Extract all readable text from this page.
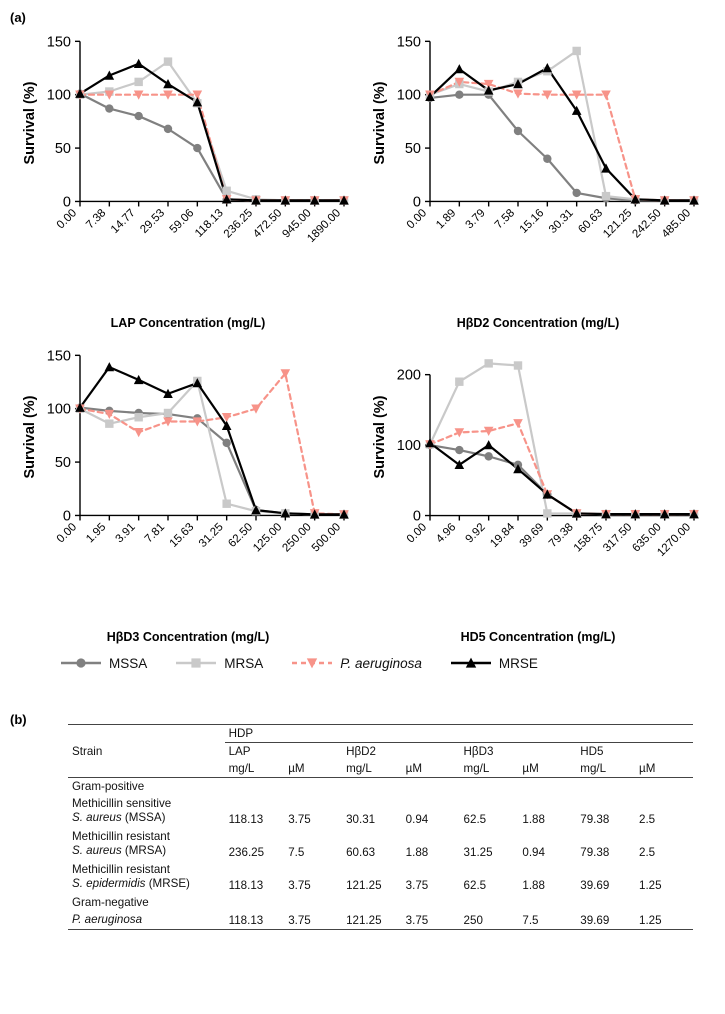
(a)
(b)
0
50
100
150
Survival (%)
0.00 7.38 14.77 29.53 59.06
118.13
236.25
472.50
945.00
1890.00
LAP Concentration (mg/L)
0
50
100
150
Survival (%)
0.00 1.89 3.79 7.58 15.16 30.31 60.63
121.25
242.50
485.00
HβD2 Concentration (mg/L)
0
50
100
150
Survival (%)
0.00 1.95 3.91 7.81 15.63 31.25 62.50
125.00
250.00
500.00
HβD3 Concentration (mg/L)
0
100
200
Survival (%)
0.00 4.96 9.92 19.84 39.69 79.38
158.75
317.50
635.00
1270.00
HD5 Concentration (mg/L)
MSSA	MRSA	P. aeruginosa	MRSE
	HDP							
Strain	LAP		HβD2		HβD3		HD5	
	mg/L	µM	mg/L	µM	mg/L	µM	mg/L	µM
Gram-positive								

Methicillin sensitive
S. aureus (MSSA)	118.13	3.75	30.31	0.94	62.5	1.88	79.38	2.5

Methicillin resistant
S. aureus (MRSA)	236.25	7.5	60.63	1.88	31.25	0.94	79.38	2.5

Methicillin resistant
S. epidermidis (MRSE)	118.13	3.75	121.25	3.75	62.5	1.88	39.69	1.25
Gram-negative								

P. aeruginosa	118.13	3.75	121.25	3.75	250	7.5	39.69	1.25
